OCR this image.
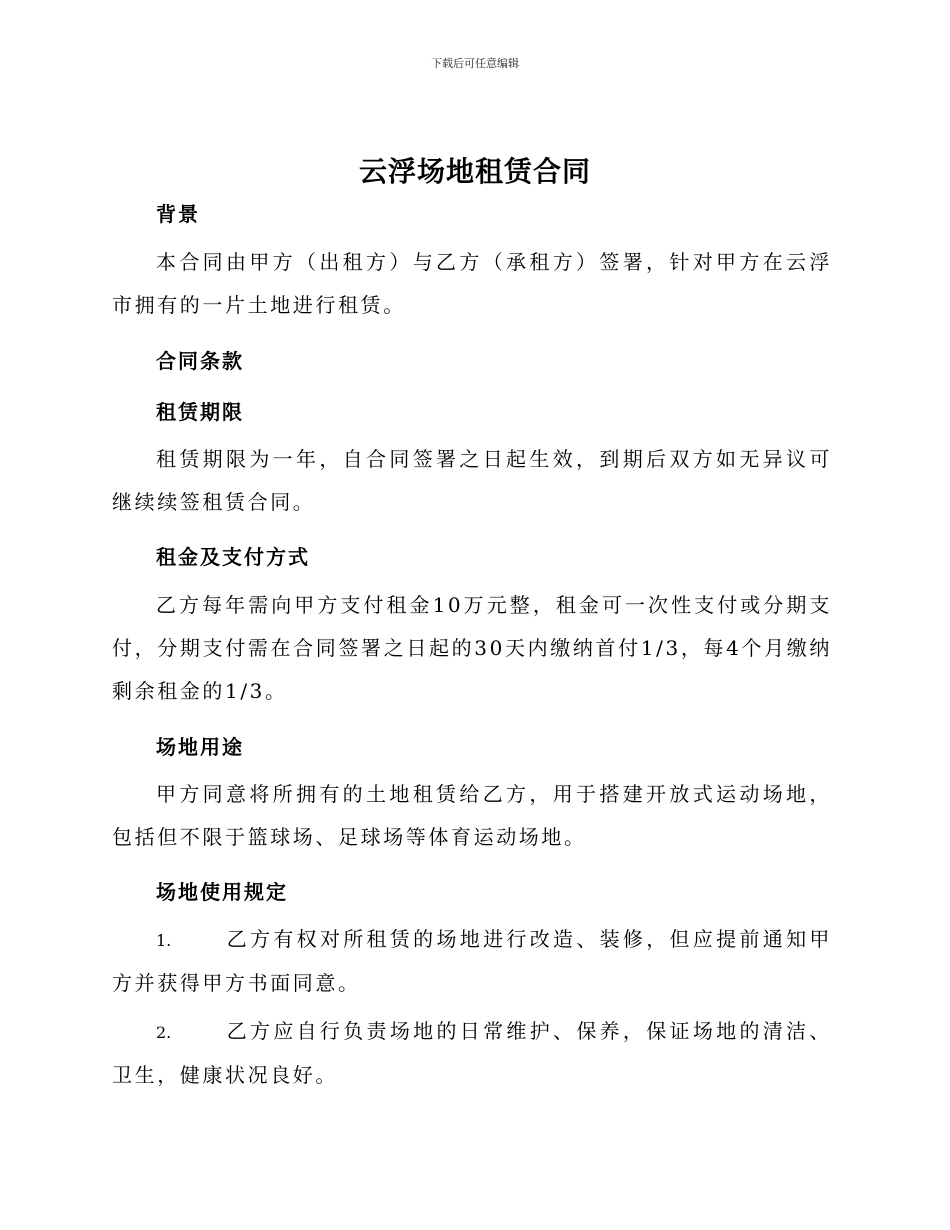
下载后可任意编辑
云浮场地租赁合同
背景
本合同由甲方（出租方）与乙方（承租方）签署，针对甲方在云浮市拥有的一片土地进行租赁。
合同条款
租赁期限
租赁期限为一年，自合同签署之日起生效，到期后双方如无异议可继续续签租赁合同。
租金及支付方式
乙方每年需向甲方支付租金10万元整，租金可一次性支付或分期支付，分期支付需在合同签署之日起的30天内缴纳首付1/3，每4个月缴纳剩余租金的1/3。
场地用途
甲方同意将所拥有的土地租赁给乙方，用于搭建开放式运动场地，包括但不限于篮球场、足球场等体育运动场地。
场地使用规定
1.	乙方有权对所租赁的场地进行改造、装修，但应提前通知甲方并获得甲方书面同意。
2.	乙方应自行负责场地的日常维护、保养，保证场地的清洁、卫生，健康状况良好。
